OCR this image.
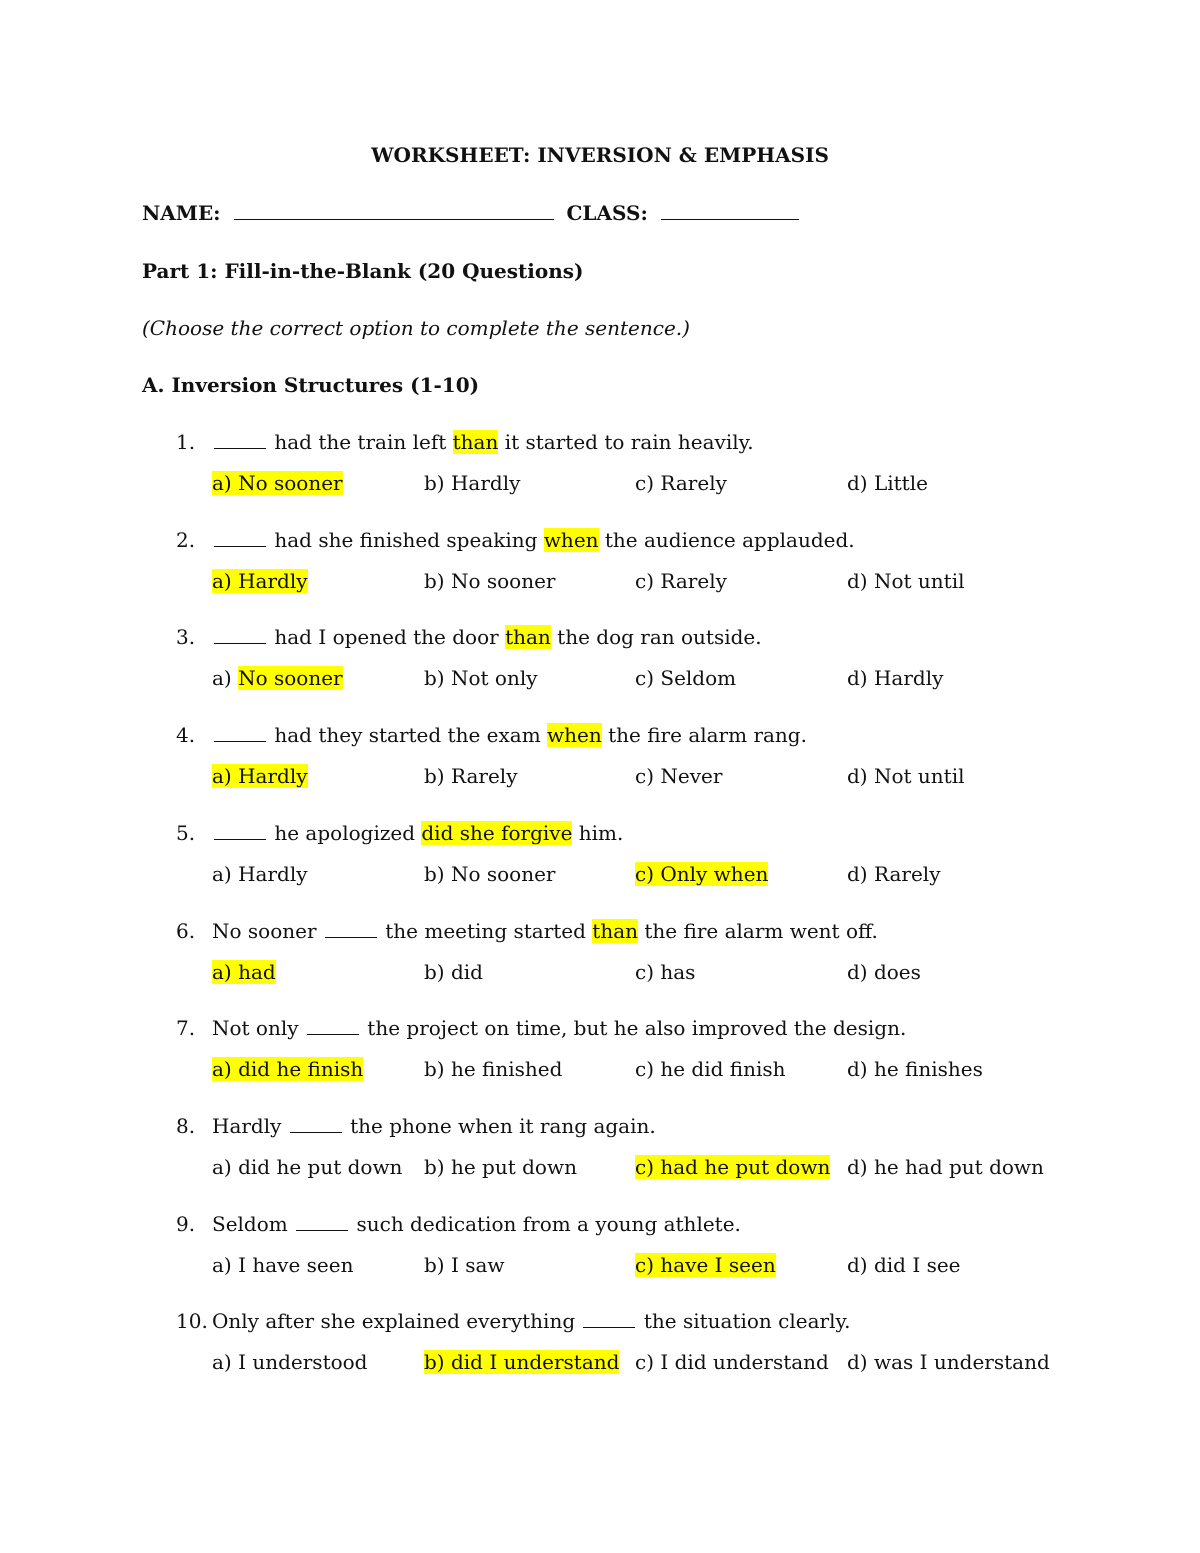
WORKSHEET: INVERSION & EMPHASIS
NAME:	CLASS:
Part 1: Fill-in-the-Blank (20 Questions)
(Choose the correct option to complete the sentence.)
A. Inversion Structures (1-10)
1.	had the train left than it started to rain heavily.
a) No sooner	b) Hardly	c) Rarely	d) Little
2.	had she finished speaking when the audience applauded.
a) Hardly	b) No sooner	c) Rarely	d) Not until
3.	had I opened the door than the dog ran outside.
a) No sooner	b) Not only	c) Seldom	d) Hardly
4.	had they started the exam when the fire alarm rang.
a) Hardly	b) Rarely	c) Never	d) Not until
5.	he apologized did she forgive him.
a) Hardly	b) No sooner	c) Only when	d) Rarely
6. No sooner	the meeting started than the fire alarm went off.
a) had	b) did	c) has	d) does
7. Not only	the project on time, but he also improved the design.
a) did he finish	b) he finished	c) he did finish	d) he finishes
8. Hardly	the phone when it rang again.
a) did he put down b) he put down	c) had he put down d) he had put down
9. Seldom	such dedication from a young athlete.
a) I have seen	b) I saw	c) have I seen	d) did I see
10. Only after she explained everything	the situation clearly.
a) I understood	b) did I understand c) I did understand d) was I understand
